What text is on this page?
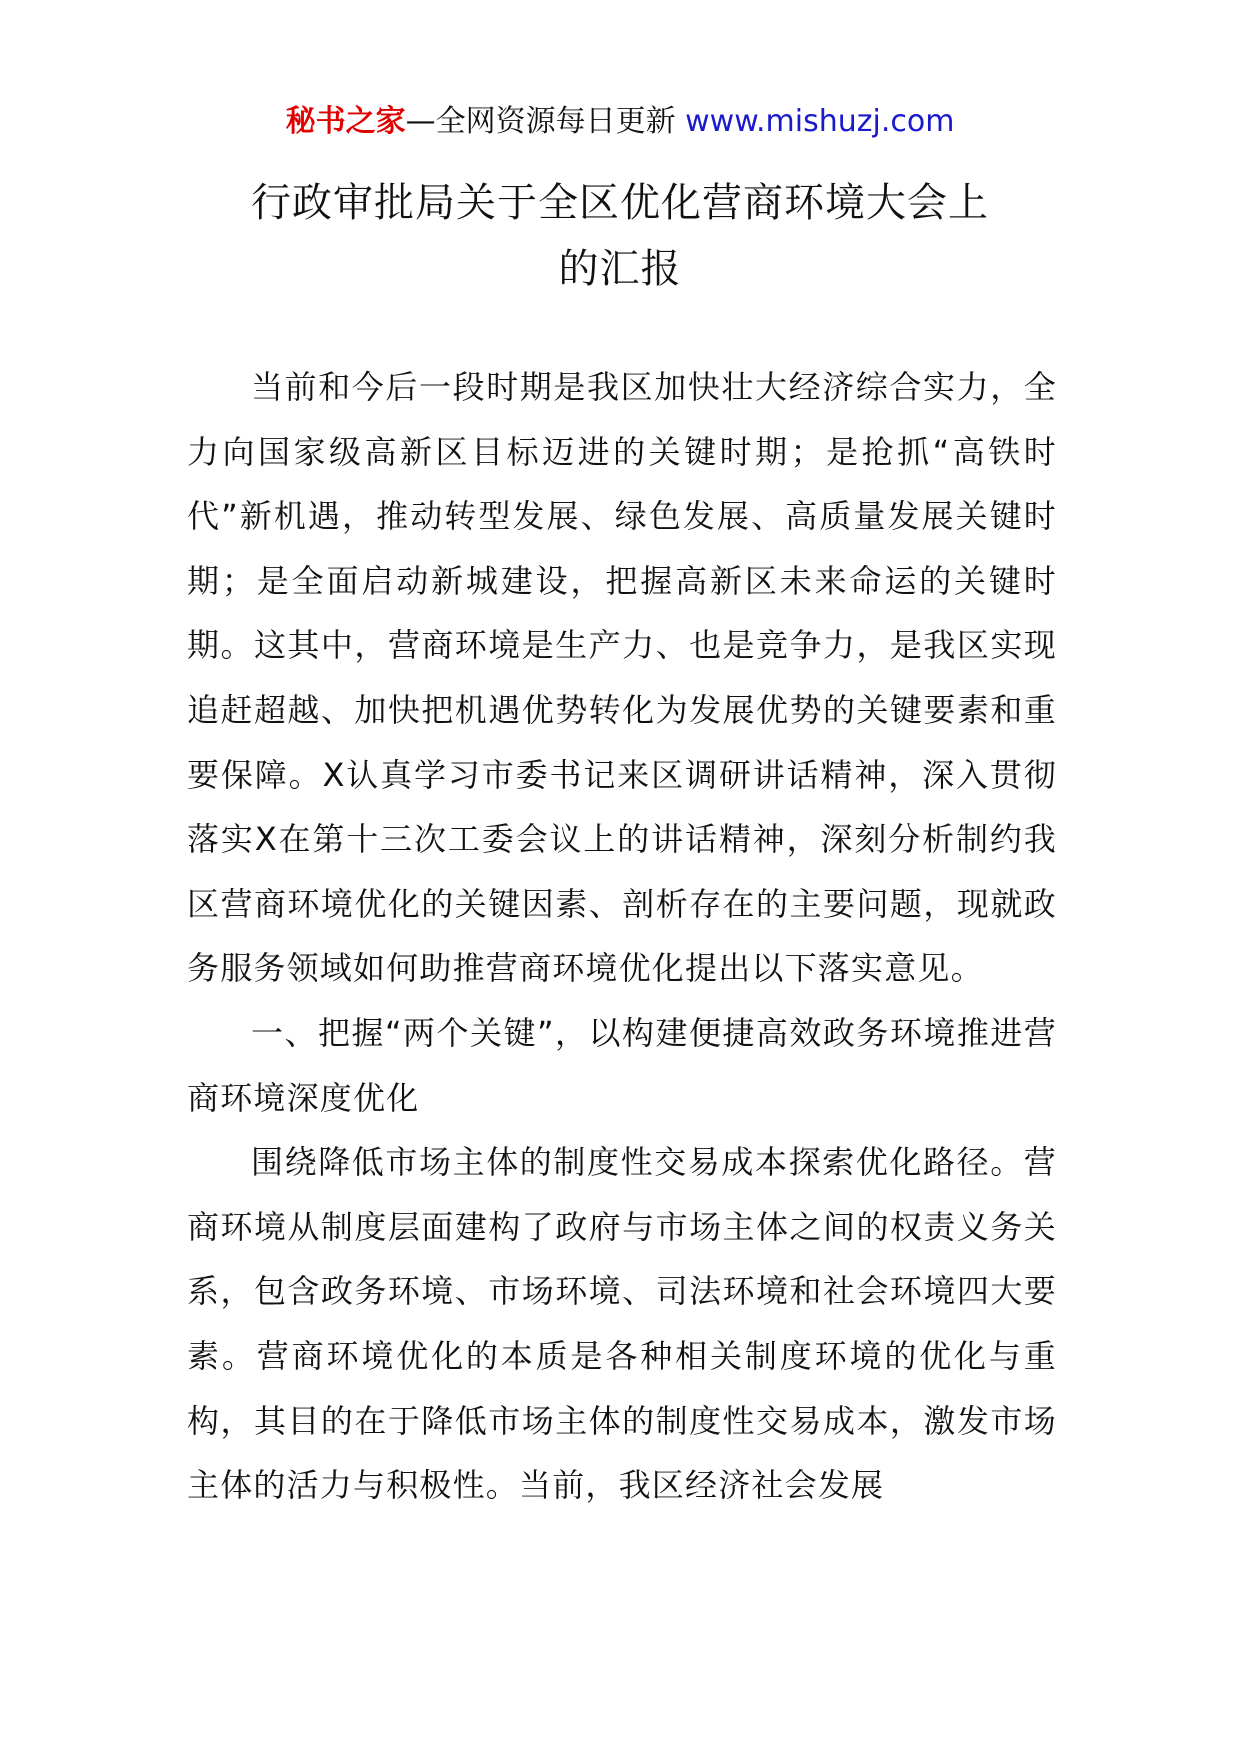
秘书之家—全网资源每日更新 www.mishuzj.com
行政审批局关于全区优化营商环境大会上
的汇报

当前和今后一段时期是我区加快壮大经济综合实力，全力向国家级高新区目标迈进的关键时期；是抢抓“高铁时代”新机遇，推动转型发展、绿色发展、高质量发展关键时期；是全面启动新城建设，把握高新区未来命运的关键时期。这其中，营商环境是生产力、也是竞争力，是我区实现追赶超越、加快把机遇优势转化为发展优势的关键要素和重要保障。X认真学习市委书记来区调研讲话精神，深入贯彻落实X在第十三次工委会议上的讲话精神，深刻分析制约我区营商环境优化的关键因素、剖析存在的主要问题，现就政务服务领域如何助推营商环境优化提出以下落实意见。

一、把握“两个关键”，以构建便捷高效政务环境推进营商环境深度优化

围绕降低市场主体的制度性交易成本探索优化路径。营商环境从制度层面建构了政府与市场主体之间的权责义务关系，包含政务环境、市场环境、司法环境和社会环境四大要素。营商环境优化的本质是各种相关制度环境的优化与重构，其目的在于降低市场主体的制度性交易成本，激发市场主体的活力与积极性。当前，我区经济社会发展
